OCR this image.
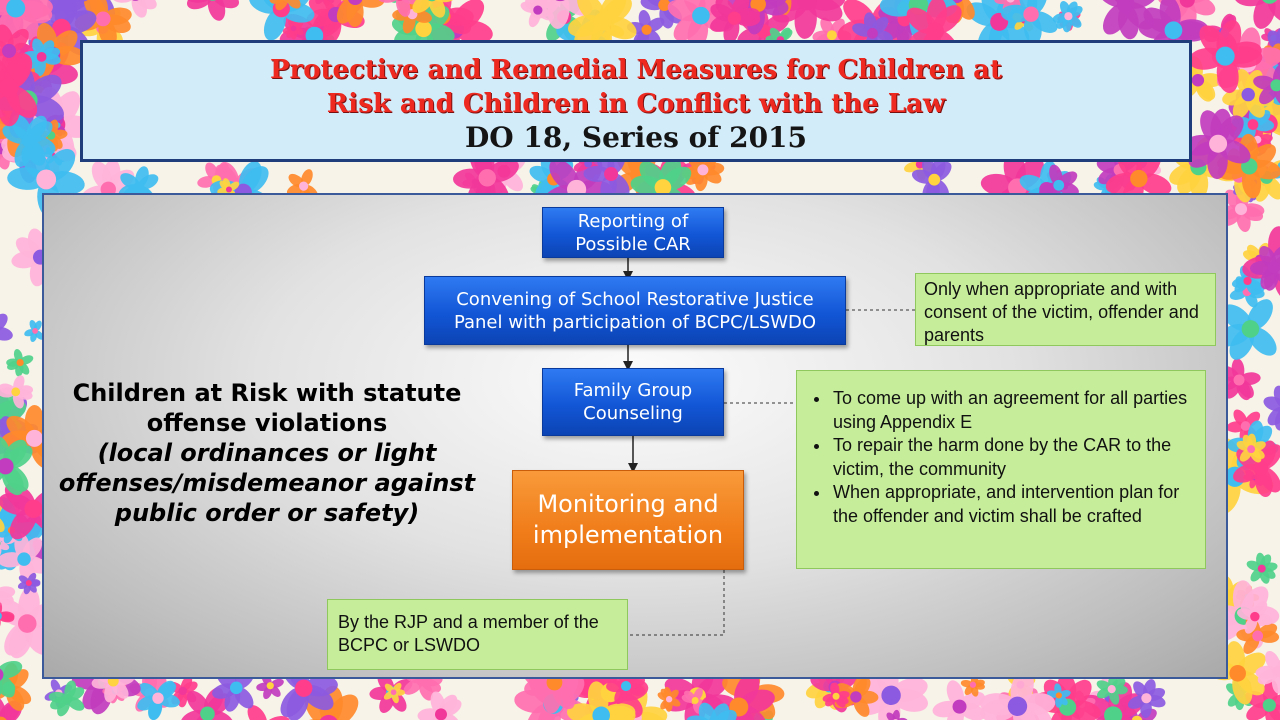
Protective and Remedial Measures for Children at
Risk and Children in Conflict with the Law
DO 18, Series of 2015
Reporting of Possible CAR
Convening of School Restorative Justice Panel with participation of BCPC/LSWDO
Family Group Counseling
Monitoring and implementation
Only when appropriate and with consent of the victim, offender and parents
• To come up with an agreement for all parties using Appendix E
• To repair the harm done by the CAR to the victim, the community
• When appropriate, and intervention plan for the offender and victim shall be crafted
By the RJP and a member of the BCPC or LSWDO
Children at Risk with statute offense violations
(local ordinances or light offenses/misdemeanor against public order or safety)
